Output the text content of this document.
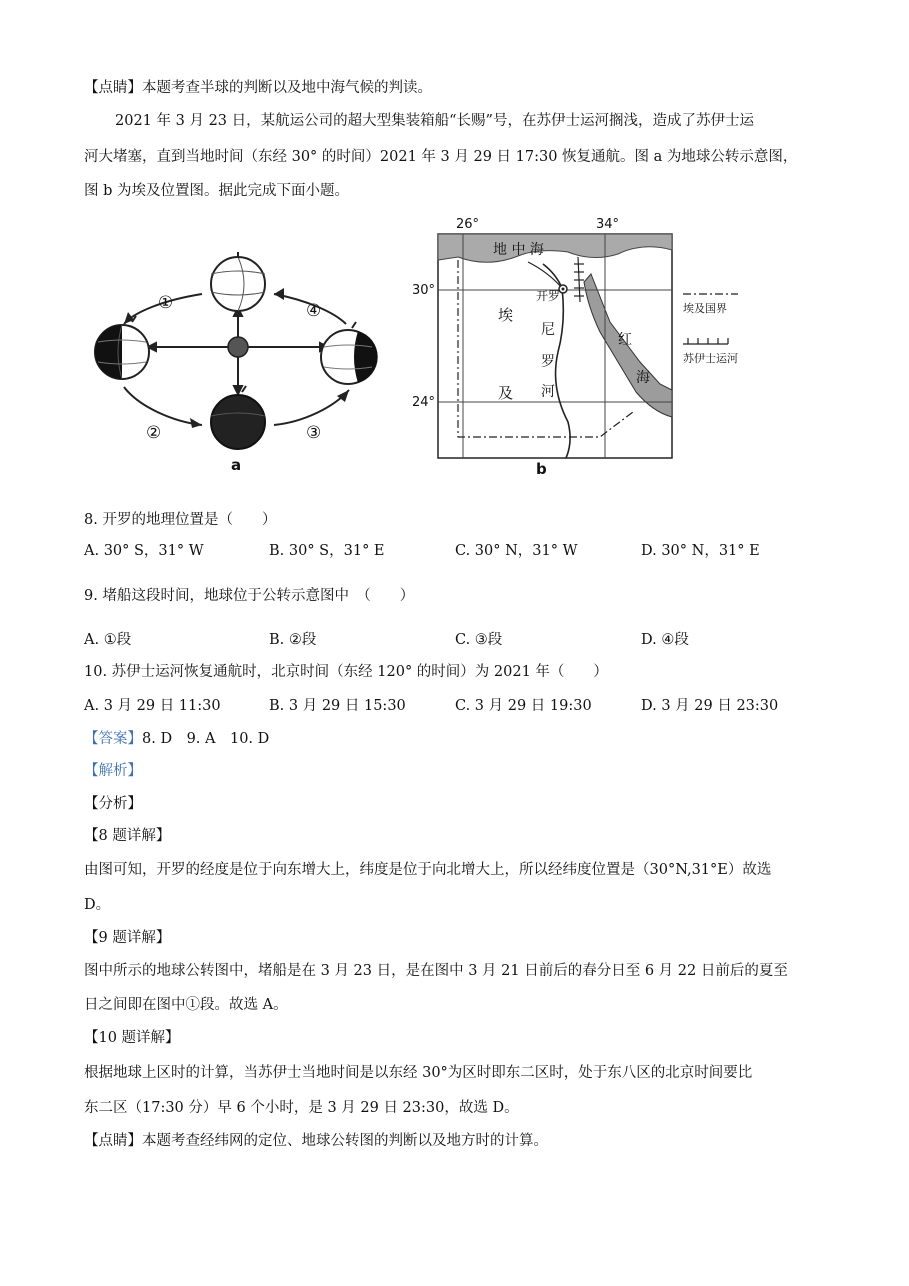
【点睛】本题考查半球的判断以及地中海气候的判读。
2021 年 3 月 23 日，某航运公司的超大型集装箱船“长赐”号，在苏伊士运河搁浅，造成了苏伊士运
河大堵塞，直到当地时间（东经 30° 的时间）2021 年 3 月 29 日 17:30 恢复通航。图 a 为地球公转示意图，
图 b 为埃及位置图。据此完成下面小题。
①
②	③
④
a
26°	34°
30°
24°
地 中 海
开罗
埃
及
尼
罗
河
红
海
埃及国界
苏伊士运河
b
8. 开罗的地理位置是（　　）
A. 30° S，31° W	B. 30° S，31° E	C. 30° N，31° W	D. 30° N，31° E
9. 堵船这段时间，地球位于公转示意图中　（　　）
A. ①段	B. ②段	C. ③段	D. ④段
10. 苏伊士运河恢复通航时，北京时间（东经 120° 的时间）为 2021 年（　　）
A. 3 月 29 日 11:30	B. 3 月 29 日 15:30	C. 3 月 29 日 19:30	D. 3 月 29 日 23:30
【答案】8. D　9. A　10. D
【解析】
【分析】
【8 题详解】
由图可知，开罗的经度是位于向东增大上，纬度是位于向北增大上，所以经纬度位置是（30°N,31°E）故选
D。
【9 题详解】
图中所示的地球公转图中，堵船是在 3 月 23 日，是在图中 3 月 21 日前后的春分日至 6 月 22 日前后的夏至
日之间即在图中①段。故选 A。
【10 题详解】
根据地球上区时的计算，当苏伊士当地时间是以东经 30°为区时即东二区时，处于东八区的北京时间要比
东二区（17:30 分）早 6 个小时，是 3 月 29 日 23:30，故选 D。
【点睛】本题考查经纬网的定位、地球公转图的判断以及地方时的计算。
